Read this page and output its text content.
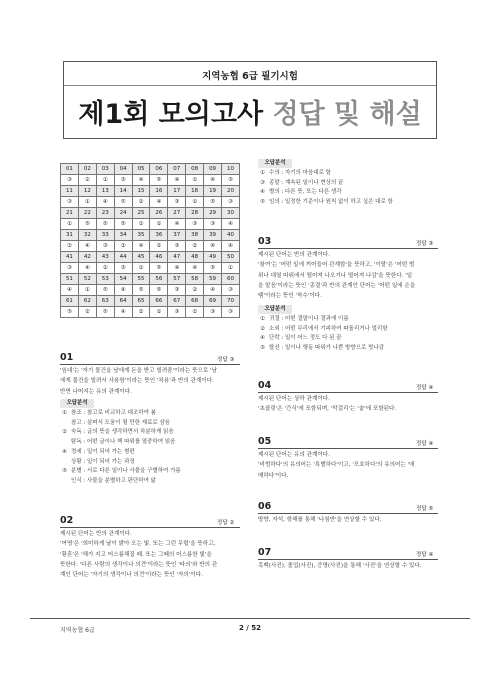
지역농협 6급 필기시험
제1회 모의고사 정답 및 해설
01	02	03	04	05	06	07	08	09	10
③	②	①	③	④	⑤	④	①	④	⑤
11	12	13	14	15	16	17	18	19	20
③	①	④	⑤	②	④	③	①	⑤	③
21	22	23	24	25	26	27	28	29	30
①	⑤	⑤	⑤	①	①	④	③	③	④
31	32	33	34	35	36	37	38	39	40
②	④	③	①	④	②	③	②	④	④
41	42	43	44	45	46	47	48	49	50
③	④	②	③	①	⑤	④	④	⑤	①
51	52	53	54	55	56	57	58	59	60
④	①	⑤	④	⑤	⑤	③	②	④	③
61	62	63	64	65	66	67	68	69	70
⑤	②	⑤	④	②	①	③	①	③	③
01	정답 ③

'임대'는 '자기 물건을 남에게 돈을 받고 빌려줌'이라는 뜻으로 '남

에게 물건을 빌려서 사용함'이라는 뜻인 '차용'과 반의 관계이다.

반면 나머지는 유의 관계이다.

오답분석
① 참조 : 참고로 비교하고 대조하여 봄
참고 : 살펴서 도움이 될 만한 재료로 삼음
② 숙독 : 글의 뜻을 생각하면서 차분하게 읽음
탐독 : 어떤 글이나 책 따위를 열중하여 읽음
④ 정세 : 일이 되어 가는 형편
상황 : 일이 되어 가는 과정
⑤ 분별 : 서로 다른 일이나 사물을 구별하여 가름
인식 : 사물을 분별하고 판단하여 앎
02	정답 ②

제시된 단어는 반의 관계이다.

'여명'은 '희미하게 날이 밝아 오는 빛. 또는 그런 무렵'을 뜻하고,

'황혼'은 '해가 지고 어스름해질 때. 또는 그때의 어스름한 빛'을

뜻한다. '다른 사람의 생각이나 의견'이라는 뜻인 '타의'와 반의 관

계인 단어는 '자기의 생각이나 의견'이라는 뜻인 '자의'이다.

오답분석
① 수의 : 자기의 마음대로 함
③ 종말 : 계속된 일이나 현상의 끝
④ 별의 : 다른 뜻, 또는 다른 생각
⑤ 임의 : 일정한 기준이나 원칙 없이 하고 싶은 대로 함
03	정답 ③

제시된 단어는 반의 관계이다.

'참여'는 '어떤 일에 끼어들어 관계함'을 뜻하고, '이탈'은 '어떤 범

위나 대열 따위에서 떨어져 나오거나 떨어져 나감'을 뜻한다. '일

을 맡음'이라는 뜻인 '종결'과 반의 관계인 단어는 '어떤 일에 손을

뗌'이라는 뜻인 '착수'이다.

오답분석
① 귀결 : 어떤 결말이나 결과에 이름
② 소외 : 어떤 무리에서 기피하여 따돌리거나 멀리함
④ 단락 : 일이 어느 정도 다 된 끝
⑤ 탈선 : 일이나 행동 따위가 나쁜 방향으로 빗나감
04	정답 ④

제시된 단어는 상하 관계이다.

'초콜릿'은 '간식'에 포함되며, '막걸리'는 '술'에 포함된다.

05	정답 ④

제시된 단어는 유의 관계이다.

'비범하다'의 유의어는 '특별하다'이고, '모호하다'의 유의어는 '애

매하다'이다.

06	정답 ⑤

방향, 자석, 항해를 통해 '나침반'을 연상할 수 있다.

07	정답 ④

흑백(사진), 졸업(사진), 증명(사진)을 통해 '사진'을 연상할 수 있다.

지역농협 6급	2 / 52
